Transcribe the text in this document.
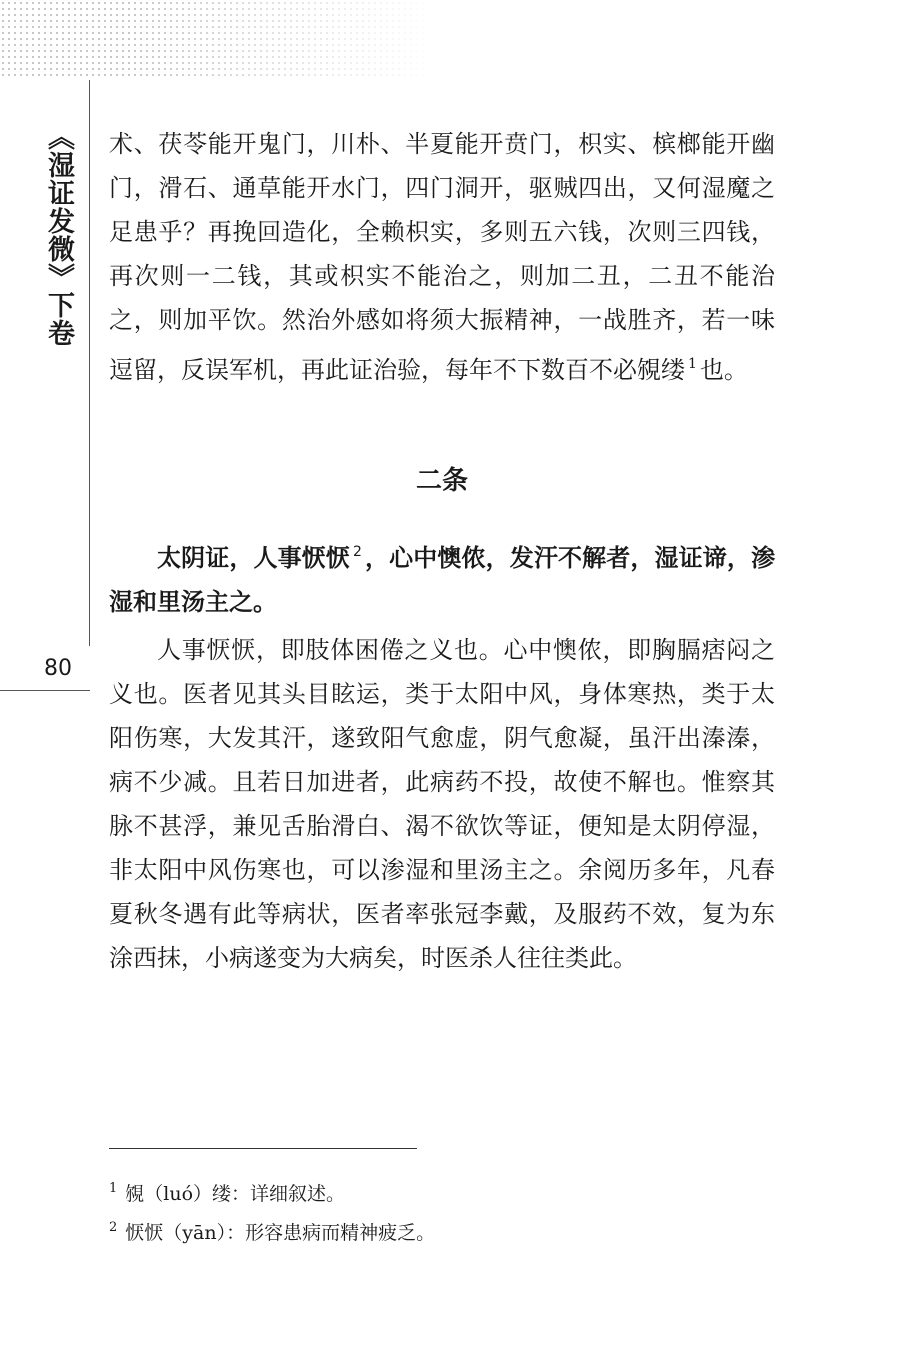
《湿证发微》下卷
80

术、茯苓能开鬼门，川朴、半夏能开贲门，枳实、槟榔能开幽门，滑石、通草能开水门，四门洞开，驱贼四出，又何湿魔之足患乎？再挽回造化，全赖枳实，多则五六钱，次则三四钱，再次则一二钱，其或枳实不能治之，则加二丑，二丑不能治之，则加平饮。然治外感如将须大振精神，一战胜齐，若一味逗留，反误军机，再此证治验，每年不下数百不必覙缕 $^1$ 也。

二条

太阴证，人事恹恹 $^2$ ，心中懊侬，发汗不解者，湿证谛，渗湿和里汤主之。

人事恹恹，即肢体困倦之义也。心中懊侬，即胸膈痞闷之义也。医者见其头目眩运，类于太阳中风，身体寒热，类于太阳伤寒，大发其汗，遂致阳气愈虚，阴气愈凝，虽汗出溱溱，病不少减。且若日加进者，此病药不投，故使不解也。惟察其脉不甚浮，兼见舌胎滑白、渴不欲饮等证，便知是太阴停湿，非太阳中风伤寒也，可以渗湿和里汤主之。余阅历多年，凡春夏秋冬遇有此等病状，医者率张冠李戴，及服药不效，复为东涂西抹，小病遂变为大病矣，时医杀人往往类此。

$^1$ 覙（luó）缕：详细叙述。
$^2$ 恹恹（yān）：形容患病而精神疲乏。
